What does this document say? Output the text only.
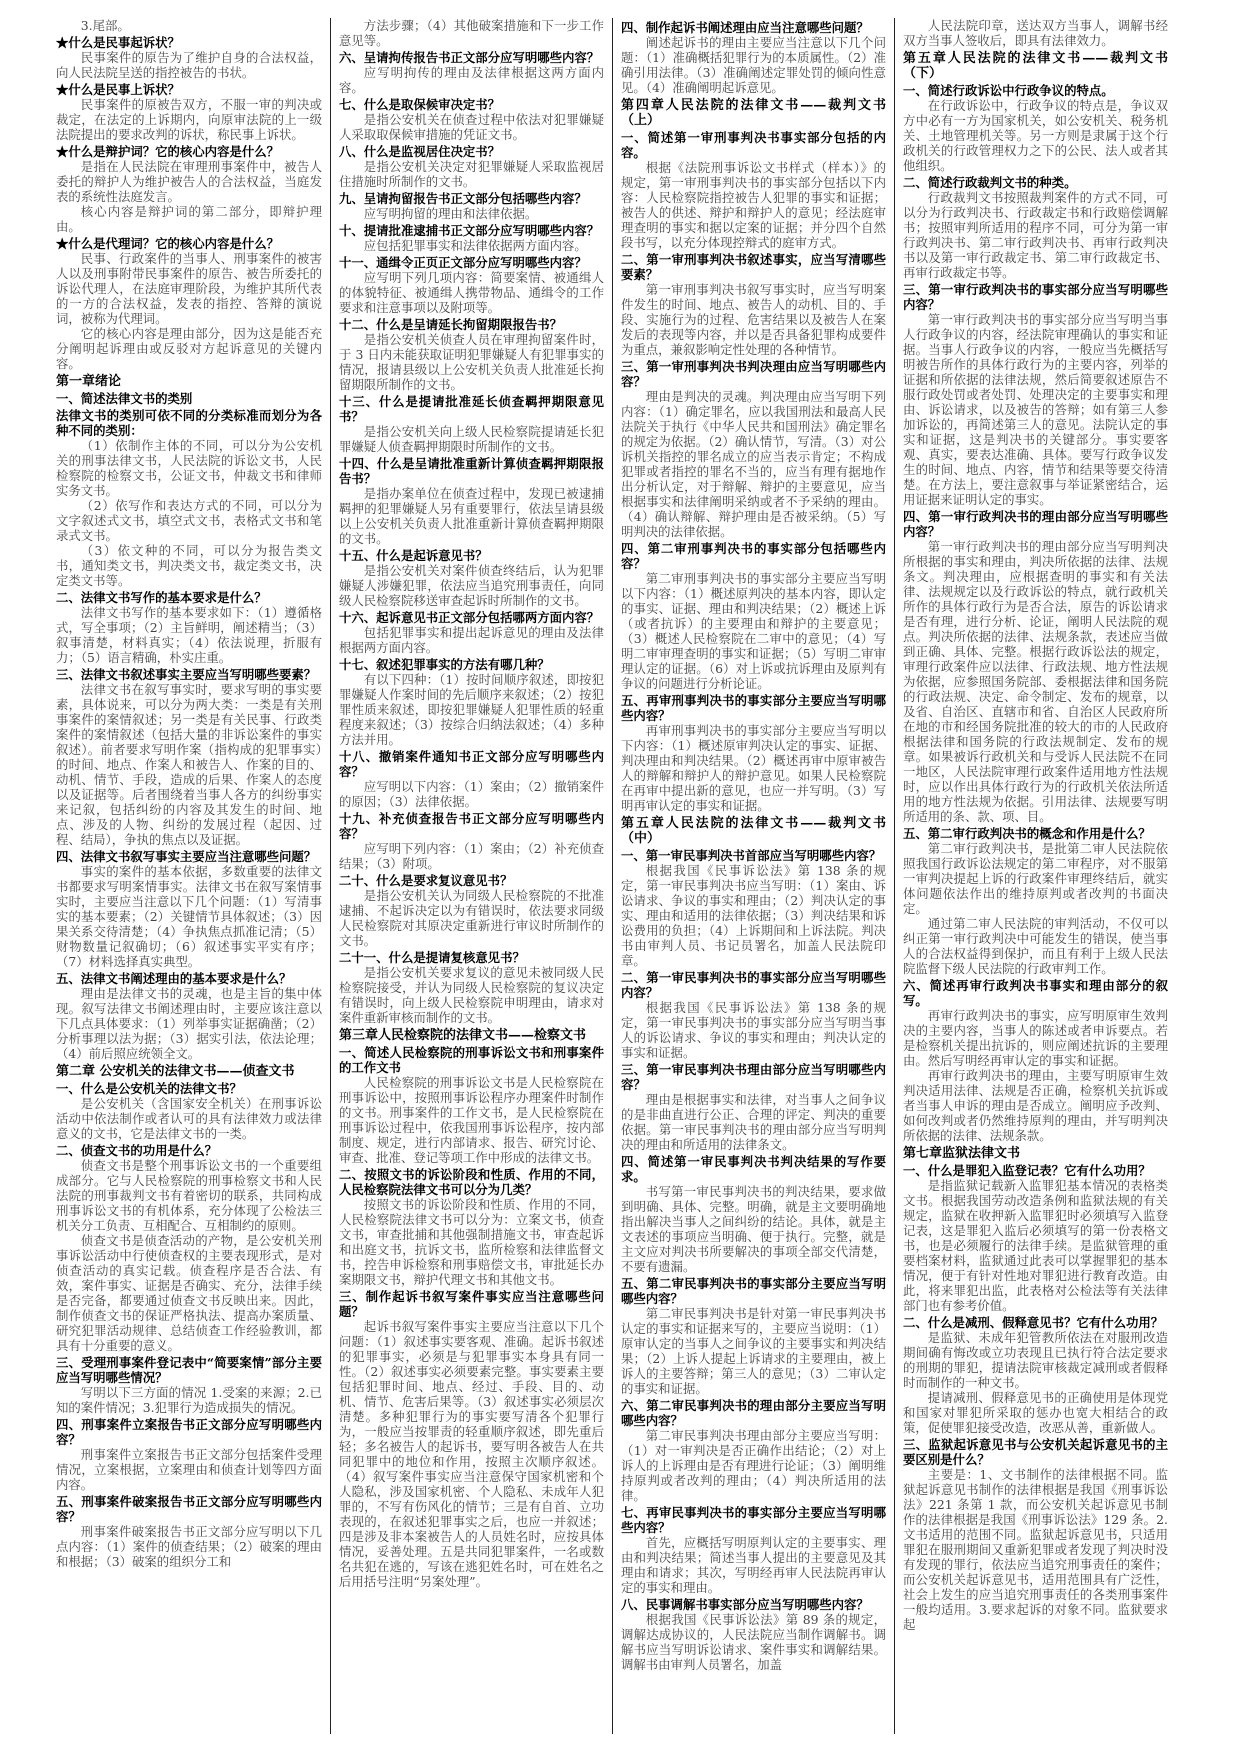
3.尾部。

★什么是民事起诉状？

民事案件的原告为了维护自身的合法权益，向人民法院呈送的指控被告的书状。

★什么是民事上诉状？

民事案件的原被告双方，不服一审的判决或裁定，在法定的上诉期内，向原审法院的上一级法院提出的要求改判的诉状，称民事上诉状。

★什么是辩护词？它的核心内容是什么？

是指在人民法院在审理刑事案件中，被告人委托的辩护人为维护被告人的合法权益，当庭发表的系统性法庭发言。

核心内容是辩护词的第二部分，即辩护理由。

★什么是代理词？它的核心内容是什么？

民事、行政案件的当事人、刑事案件的被害人以及刑事附带民事案件的原告、被告所委托的诉讼代理人，在法庭审理阶段，为维护其所代表的一方的合法权益，发表的指控、答辩的演说词，被称为代理词。

它的核心内容是理由部分，因为这是能否充分阐明起诉理由或反驳对方起诉意见的关键内容。

第一章绪论

一、简述法律文书的类别

法律文书的类别可依不同的分类标准而划分为各种不同的类别：

（1）依制作主体的不同，可以分为公安机关的刑事法律文书，人民法院的诉讼文书，人民检察院的检察文书，公证文书，仲裁文书和律师实务文书。

（2）依写作和表达方式的不同，可以分为文字叙述式文书，填空式文书，表格式文书和笔录式文书。

（3）依文种的不同，可以分为报告类文书，通知类文书，判决类文书，裁定类文书，决定类文书等。

二、法律文书写作的基本要求是什么？

法律文书写作的基本要求如下：（1）遵循格式，写全事项；（2）主旨鲜明，阐述精当；（3）叙事清楚，材料真实；（4）依法说理，折服有力；（5）语言精确，朴实庄重。

三、法律文书叙述事实主要应当写明哪些要素？

法律文书在叙写事实时，要求写明的事实要素，具体说来，可以分为两大类：一类是有关刑事案件的案情叙述；另一类是有关民事、行政类案件的案情叙述（包括大量的非诉讼案件的事实叙述）。前者要求写明作案（指构成的犯罪事实）的时间、地点、作案人和被告人、作案的目的、动机、情节、手段，造成的后果、作案人的态度以及证据等。后者围绕着当事人各方的纠纷事实来记叙，包括纠纷的内容及其发生的时间、地点、涉及的人物、纠纷的发展过程（起因、过程、结局），争执的焦点以及证据。

四、法律文书叙写事实主要应当注意哪些问题？

事实的案件的基本依据，多数重要的法律文书都要求写明案情事实。法律文书在叙写案情事实时，主要应当注意以下几个问题：（1）写清事实的基本要素；（2）关键情节具体叙述；（3）因果关系交待清楚；（4）争执焦点抓准记清；（5）财物数量记叙确切；（6）叙述事实平实有序；（7）材料选择真实典型。

五、法律文书阐述理由的基本要求是什么？

理由是法律文书的灵魂，也是主旨的集中体现。叙写法律文书阐述理由时，主要应该注意以下几点具体要求：（1）列举事实证据确凿；（2）分析事理以法为据；（3）据实引法，依法论理；（4）前后照应统领全文。

第二章 公安机关的法律文书——侦查文书

一、什么是公安机关的法律文书？

是公安机关（含国家安全机关）在刑事诉讼活动中依法制作或者认可的具有法律效力或法律意义的文书，它是法律文书的一类。

二、侦查文书的功用是什么？

侦查文书是整个刑事诉讼文书的一个重要组成部分。它与人民检察院的刑事检察文书和人民法院的刑事裁判文书有着密切的联系，共同构成刑事诉讼文书的有机体系，充分体现了公检法三机关分工负责、互相配合、互相制约的原则。

侦查文书是侦查活动的产物，是公安机关刑事诉讼活动中行使侦查权的主要表现形式，是对侦查活动的真实记载。侦查程序是否合法、有效，案件事实、证据是否确实、充分，法律手续是否完备，都要通过侦查文书反映出来。因此，制作侦查文书的保证严格执法、提高办案质量、研究犯罪活动规律、总结侦查工作经验教训，都具有十分重要的意义。

三、受理刑事案件登记表中“简要案情”部分主要应当写明哪些情况？

写明以下三方面的情况 1.受案的来源；2.已知的案件情况；3.犯罪行为造成损失的情况。

四、刑事案件立案报告书正文部分应写明哪些内容？

刑事案件立案报告书正文部分包括案件受理情况，立案根据，立案理由和侦查计划等四方面内容。

五、刑事案件破案报告书正文部分应写明哪些内容？

刑事案件破案报告书正文部分应写明以下几点内容：（1）案件的侦查结果；（2）破案的理由和根据；（3）破案的组织分工和

方法步骤；（4）其他破案措施和下一步工作意见等。

六、呈请拘传报告书正文部分应写明哪些内容？

应写明拘传的理由及法律根据这两方面内容。

七、什么是取保候审决定书？

是指公安机关在侦查过程中依法对犯罪嫌疑人采取取保候审措施的凭证文书。

八、什么是监视居住决定书？

是指公安机关决定对犯罪嫌疑人采取监视居住措施时所制作的文书。

九、呈请拘留报告书正文部分包括哪些内容？

应写明拘留的理由和法律依据。

十、提请批准逮捕书正文部分应写明哪些内容？

应包括犯罪事实和法律依据两方面内容。

十一、通缉令正页正文部分应写明哪些内容？

应写明下列几项内容：简要案情、被通缉人的体貌特征、被通缉人携带物品、通缉令的工作要求和注意事项以及附项等。

十二、什么是呈请延长拘留期限报告书？

是指公安机关侦查人员在审理拘留案件时，于 3 日内未能获取证明犯罪嫌疑人有犯罪事实的情况，报请县级以上公安机关负责人批准延长拘留期限所制作的文书。

十三、什么是提请批准延长侦查羁押期限意见书？

是指公安机关向上级人民检察院提请延长犯罪嫌疑人侦查羁押期限时所制作的文书。

十四、什么是呈请批准重新计算侦查羁押期限报告书？

是指办案单位在侦查过程中，发现已被逮捕羁押的犯罪嫌疑人另有重要罪行，依法呈请县级以上公安机关负责人批准重新计算侦查羁押期限的文书。

十五、什么是起诉意见书？

是指公安机关对案件侦查终结后，认为犯罪嫌疑人涉嫌犯罪，依法应当追究刑事责任，向同级人民检察院移送审查起诉时所制作的文书。

十六、起诉意见书正文部分包括哪两方面内容？

包括犯罪事实和提出起诉意见的理由及法律根据两方面内容。

十七、叙述犯罪事实的方法有哪几种？

有以下四种：（1）按时间顺序叙述，即按犯罪嫌疑人作案时间的先后顺序来叙述；（2）按犯罪性质来叙述，即按犯罪嫌疑人犯罪性质的轻重程度来叙述；（3）按综合归纳法叙述；（4）多种方法并用。

十八、撤销案件通知书正文部分应写明哪些内容？

应写明以下内容：（1）案由；（2）撤销案件的原因；（3）法律依据。

十九、补充侦查报告书正文部分应写明哪些内容？

应写明下列内容：（1）案由；（2）补充侦查结果；（3）附项。

二十、什么是要求复议意见书？

是指公安机关认为同级人民检察院的不批准逮捕、不起诉决定以为有错误时，依法要求同级人民检察院对其原决定重新进行审议时所制作的文书。

二十一、什么是提请复核意见书？

是指公安机关要求复议的意见未被同级人民检察院接受，并认为同级人民检察院的复议决定有错误时，向上级人民检察院申明理由，请求对案件重新审核而制作的文书。

第三章人民检察院的法律文书——检察文书

一、简述人民检察院的刑事诉讼文书和刑事案件的工作文书

人民检察院的刑事诉讼文书是人民检察院在刑事诉讼中，按照刑事诉讼程序办理案件时制作的文书。刑事案件的工作文书，是人民检察院在刑事诉讼过程中，依我国刑事诉讼程序，按内部制度、规定，进行内部请求、报告、研究讨论、审查、批准、登记等项工作中形成的法律文书。

二、按照文书的诉讼阶段和性质、作用的不同，人民检察院法律文书可以分为几类？

按照文书的诉讼阶段和性质、作用的不同，人民检察院法律文书可以分为：立案文书，侦查文书，审查批捕和其他强制措施文书，审查起诉和出庭文书，抗诉文书，监所检察和法律监督文书，控告申诉检察和刑事赔偿文书，审批延长办案期限文书，辩护代理文书和其他文书。

三、制作起诉书叙写案件事实应当注意哪些问题？

起诉书叙写案件事实主要应当注意以下几个问题：（1）叙述事实要客观、准确。起诉书叙述的犯罪事实，必须是与犯罪事实本身具有同一性。（2）叙述事实必须要素完整。事实要素主要包括犯罪时间、地点、经过、手段、目的、动机、情节、危害后果等。（3）叙述事实必须层次清楚。多种犯罪行为的事实要写清各个犯罪行为，一般应当按罪责的轻重顺序叙述，即先重后轻；多名被告人的起诉书，要写明各被告人在共同犯罪中的地位和作用，按照主次顺序叙述。（4）叙写案件事实应当注意保守国家机密和个人隐私，涉及国家机密、个人隐私、未成年人犯罪的，不写有伤风化的情节；三是有自首、立功表现的，在叙述犯罪事实之后，也应一并叙述；四是涉及非本案被告人的人员姓名时，应按具体情况，妥善处理。五是共同犯罪案件，一名或数名共犯在逃的，写该在逃犯姓名时，可在姓名之后用括号注明“另案处理”。

四、制作起诉书阐述理由应当注意哪些问题？

阐述起诉书的理由主要应当注意以下几个问题：（1）准确概括犯罪行为的本质属性。（2）准确引用法律。（3）准确阐述定罪处罚的倾向性意见。（4）准确阐明起诉意见。

第四章人民法院的法律文书——裁判文书（上）

一、简述第一审刑事判决书事实部分包括的内容。

根据《法院刑事诉讼文书样式（样本）》的规定，第一审刑事判决书的事实部分包括以下内容：人民检察院指控被告人犯罪的事实和证据；被告人的供述、辩护和辩护人的意见；经法庭审理查明的事实和据以定案的证据；并分四个自然段书写，以充分体现控辩式的庭审方式。

二、第一审刑事判决书叙述事实，应当写清哪些要素？

第一审刑事判决书叙写事实时，应当写明案件发生的时间、地点、被告人的动机、目的、手段、实施行为的过程、危害结果以及被告人在案发后的表现等内容，并以是否具备犯罪构成要件为重点，兼叙影响定性处理的各种情节。

三、第一审刑事判决书判决理由应当写明哪些内容？

理由是判决的灵魂。判决理由应当写明下列内容：（1）确定罪名，应以我国刑法和最高人民法院关于执行《中华人民共和国刑法》确定罪名的规定为依据。（2）确认情节，写清。（3）对公诉机关指控的罪名成立的应当表示肯定；不构成犯罪或者指控的罪名不当的，应当有理有据地作出分析认定，对于辩解、辩护的主要意见，应当根据事实和法律阐明采纳或者不予采纳的理由。（4）确认辩解、辩护理由是否被采纳。（5）写明判决的法律依据。

四、第二审刑事判决书的事实部分包括哪些内容？

第二审刑事判决书的事实部分主要应当写明以下内容：（1）概述原判决的基本内容，即认定的事实、证据、理由和判决结果；（2）概述上诉（或者抗诉）的主要理由和辩护的主要意见；（3）概述人民检察院在二审中的意见；（4）写明二审审理查明的事实和证据；（5）写明二审审理认定的证据。（6）对上诉或抗诉理由及原判有争议的问题进行分析论证。

五、再审刑事判决书的事实部分主要应当写明哪些内容？

再审刑事判决书的事实部分主要应当写明以下内容：（1）概述原审判决认定的事实、证据、判决理由和判决结果。（2）概述再审中原审被告人的辩解和辩护人的辩护意见。如果人民检察院在再审中提出新的意见，也应一并写明。（3）写明再审认定的事实和证据。

第五章人民法院的法律文书——裁判文书（中）

一、第一审民事判决书首部应当写明哪些内容？

根据我国《民事诉讼法》第 138 条的规定，第一审民事判决书应当写明：（1）案由、诉讼请求、争议的事实和理由；（2）判决认定的事实、理由和适用的法律依据；（3）判决结果和诉讼费用的负担；（4）上诉期间和上诉法院。判决书由审判人员、书记员署名，加盖人民法院印章。

二、第一审民事判决书的事实部分应当写明哪些内容？

根据我国《民事诉讼法》第 138 条的规定，第一审民事判决书的事实部分应当写明当事人的诉讼请求、争议的事实和理由；判决认定的事实和证据。

三、第一审民事判决书理由部分应当写明哪些内容？

理由是根据事实和法律，对当事人之间争议的是非曲直进行公正、合理的评定、判决的重要依据。第一审民事判决书的理由部分应当写明判决的理由和所适用的法律条文。

四、简述第一审民事判决书判决结果的写作要求。

书写第一审民事判决书的判决结果，要求做到明确、具体、完整。明确，就是主文要明确地指出解决当事人之间纠纷的结论。具体，就是主文表述的事项应当明确、便于执行。完整，就是主文应对判决书所要解决的事项全部交代清楚，不要有遗漏。

五、第二审民事判决书的事实部分主要应当写明哪些内容？

第二审民事判决书是针对第一审民事判决书认定的事实和证据来写的，主要应当说明：（1）原审认定的当事人之间争议的主要事实和判决结果；（2）上诉人提起上诉请求的主要理由，被上诉人的主要答辩；第三人的意见；（3）二审认定的事实和证据。

六、第二审民事判决书的理由部分主要应当写明哪些内容？

第二审民事判决书理由部分主要应当写明：（1）对一审判决是否正确作出结论；（2）对上诉人的上诉理由是否有理进行论证；（3）阐明维持原判或者改判的理由；（4）判决所适用的法律。

七、再审民事判决书的事实部分主要应当写明哪些内容？

首先，应概括写明原判认定的主要事实、理由和判决结果；简述当事人提出的主要意见及其理由和请求；其次，写明经再审人民法院再审认定的事实和理由。

八、民事调解书事实部分应当写明哪些内容？

根据我国《民事诉讼法》第 89 条的规定，调解达成协议的，人民法院应当制作调解书。调解书应当写明诉讼请求、案件事实和调解结果。调解书由审判人员署名，加盖

人民法院印章，送达双方当事人，调解书经双方当事人签收后，即具有法律效力。

第五章人民法院的法律文书——裁判文书（下）

一、简述行政诉讼中行政争议的特点。

在行政诉讼中，行政争议的特点是，争议双方中必有一方为国家机关，如公安机关、税务机关、土地管理机关等。另一方则是隶属于这个行政机关的行政管理权力之下的公民、法人或者其他组织。

二、简述行政裁判文书的种类。

行政裁判文书按照裁判案件的方式不同，可以分为行政判决书、行政裁定书和行政赔偿调解书；按照审判所适用的程序不同，可分为第一审行政判决书、第二审行政判决书、再审行政判决书以及第一审行政裁定书、第二审行政裁定书、再审行政裁定书等。

三、第一审行政判决书的事实部分应当写明哪些内容？

第一审行政判决书的事实部分应当写明当事人行政争议的内容，经法院审理确认的事实和证据。当事人行政争议的内容，一般应当先概括写明被告所作的具体行政行为的主要内容，列举的证据和所依据的法律法规，然后简要叙述原告不服行政处罚或者处罚、处理决定的主要事实和理由、诉讼请求，以及被告的答辩；如有第三人参加诉讼的，再简述第三人的意见。法院认定的事实和证据，这是判决书的关键部分。事实要客观、真实，要表达准确、具体。要写行政争议发生的时间、地点、内容，情节和结果等要交待清楚。在方法上，要注意叙事与举证紧密结合，运用证据来证明认定的事实。

四、第一审行政判决书的理由部分应当写明哪些内容？

第一审行政判决书的理由部分应当写明判决所根据的事实和理由，判决所依据的法律、法规条文。判决理由，应根据查明的事实和有关法律、法规规定以及行政诉讼的特点，就行政机关所作的具体行政行为是否合法，原告的诉讼请求是否有理，进行分析、论证，阐明人民法院的观点。判决所依据的法律、法规条款，表述应当做到正确、具体、完整。根据行政诉讼法的规定，审理行政案件应以法律、行政法规、地方性法规为依据，应参照国务院部、委根据法律和国务院的行政法规、决定、命令制定、发布的规章，以及省、自治区、直辖市和省、自治区人民政府所在地的市和经国务院批准的较大的市的人民政府根据法律和国务院的行政法规制定、发布的规章。如果被诉行政机关和与受诉人民法院不在同一地区，人民法院审理行政案件适用地方性法规时，应以作出具体行政行为的行政机关依法所适用的地方性法规为依据。引用法律、法规要写明所适用的条、款、项、目。

五、第二审行政判决书的概念和作用是什么？

第二审行政判决书，是批第二审人民法院依照我国行政诉讼法规定的第二审程序，对不服第一审判决提起上诉的行政案件审理终结后，就实体问题依法作出的维持原判或者改判的书面决定。

通过第二审人民法院的审判活动，不仅可以纠正第一审行政判决中可能发生的错误，使当事人的合法权益得到保护，而且有利于上级人民法院监督下级人民法院的行政审判工作。

六、简述再审行政判决书事实和理由部分的叙写。

再审行政判决书的事实，应写明原审生效判决的主要内容，当事人的陈述或者申诉要点。若是检察机关提出抗诉的，则应阐述抗诉的主要理由。然后写明经再审认定的事实和证据。

再审行政判决书的理由，主要写明原审生效判决适用法律、法规是否正确，检察机关抗诉或者当事人申诉的理由是否成立。阐明应予改判、如何改判或者仍然维持原判的理由，并写明判决所依据的法律、法规条款。

第七章监狱法律文书

一、什么是罪犯入监登记表？它有什么功用？

是指监狱记载新入监罪犯基本情况的表格类文书。根据我国劳动改造条例和监狱法规的有关规定，监狱在收押新入监罪犯时必须填写入监登记表，这是罪犯入监后必须填写的第一份表格文书，也是必须履行的法律手续。是监狱管理的重要档案材料，监狱通过此表可以掌握罪犯的基本情况，便于有针对性地对罪犯进行教育改造。由此，将来罪犯出监，此表格对公检法等有关法律部门也有参考价值。

二、什么是减刑、假释意见书？它有什么功用？

是监狱、未成年犯管教所依法在对服刑改造期间确有悔改或立功表现且已执行符合法定要求的刑期的罪犯，提请法院审核裁定减刑或者假释时而制作的一种文书。

提请减刑、假释意见书的正确使用是体现党和国家对罪犯所采取的惩办也宽大相结合的政策，促使罪犯接受改造，改恶从善，重新做人。

三、监狱起诉意见书与公安机关起诉意见书的主要区别是什么？

主要是：1、文书制作的法律根据不同。监狱起诉意见书制作的法律根据是我国《刑事诉讼法》221 条第 1 款，而公安机关起诉意见书制作的法律根据是我国《刑事诉讼法》129 条。2.文书适用的范围不同。监狱起诉意见书，只适用罪犯在服刑期间又重新犯罪或者发现了判决时没有发现的罪行，依法应当追究刑事责任的案件；而公安机关起诉意见书，适用范围具有广泛性，社会上发生的应当追究刑事责任的各类刑事案件一般均适用。3.要求起诉的对象不同。监狱要求起
